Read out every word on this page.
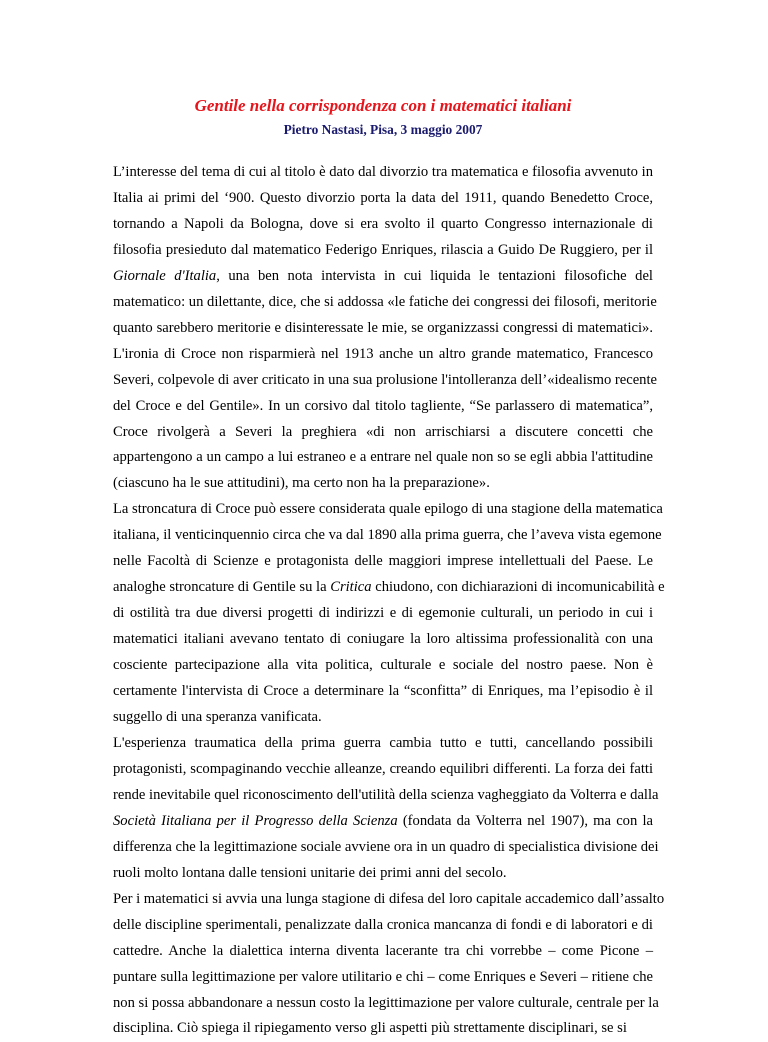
Gentile nella corrispondenza con i matematici italiani
Pietro Nastasi, Pisa, 3 maggio 2007

L’interesse del tema di cui al titolo è dato dal divorzio tra matematica e filosofia avvenuto in
Italia ai primi del ‘900. Questo divorzio porta la data del 1911, quando Benedetto Croce,
tornando a Napoli da Bologna, dove si era svolto il quarto Congresso internazionale di
filosofia presieduto dal matematico Federigo Enriques, rilascia a Guido De Ruggiero, per il
Giornale d'Italia, una ben nota intervista in cui liquida le tentazioni filosofiche del
matematico: un dilettante, dice, che si addossa «le fatiche dei congressi dei filosofi, meritorie
quanto sarebbero meritorie e disinteressate le mie, se organizzassi congressi di matematici».
L'ironia di Croce non risparmierà nel 1913 anche un altro grande matematico, Francesco
Severi, colpevole di aver criticato in una sua prolusione l'intolleranza dell’«idealismo recente
del Croce e del Gentile». In un corsivo dal titolo tagliente, “Se parlassero di matematica”,
Croce rivolgerà a Severi la preghiera «di non arrischiarsi a discutere concetti che
appartengono a un campo a lui estraneo e a entrare nel quale non so se egli abbia l'attitudine
(ciascuno ha le sue attitudini), ma certo non ha la preparazione».

La stroncatura di Croce può essere considerata quale epilogo di una stagione della matematica
italiana, il venticinquennio circa che va dal 1890 alla prima guerra, che l’aveva vista egemone
nelle Facoltà di Scienze e protagonista delle maggiori imprese intellettuali del Paese. Le
analoghe stroncature di Gentile su la Critica chiudono, con dichiarazioni di incomunicabilità e
di ostilità tra due diversi progetti di indirizzi e di egemonie culturali, un periodo in cui i
matematici italiani avevano tentato di coniugare la loro altissima professionalità con una
cosciente partecipazione alla vita politica, culturale e sociale del nostro paese. Non è
certamente l'intervista di Croce a determinare la “sconfitta” di Enriques, ma l’episodio è il
suggello di una speranza vanificata.

L'esperienza traumatica della prima guerra cambia tutto e tutti, cancellando possibili
protagonisti, scompaginando vecchie alleanze, creando equilibri differenti. La forza dei fatti
rende inevitabile quel riconoscimento dell'utilità della scienza vagheggiato da Volterra e dalla
Società Iitaliana per il Progresso della Scienza (fondata da Volterra nel 1907), ma con la
differenza che la legittimazione sociale avviene ora in un quadro di specialistica divisione dei
ruoli molto lontana dalle tensioni unitarie dei primi anni del secolo.

Per i matematici si avvia una lunga stagione di difesa del loro capitale accademico dall’assalto
delle discipline sperimentali, penalizzate dalla cronica mancanza di fondi e di laboratori e di
cattedre. Anche la dialettica interna diventa lacerante tra chi vorrebbe – come Picone –
puntare sulla legittimazione per valore utilitario e chi – come Enriques e Severi – ritiene che
non si possa abbandonare a nessun costo la legittimazione per valore culturale, centrale per la
disciplina. Ciò spiega il ripiegamento verso gli aspetti più strettamente disciplinari, se si
